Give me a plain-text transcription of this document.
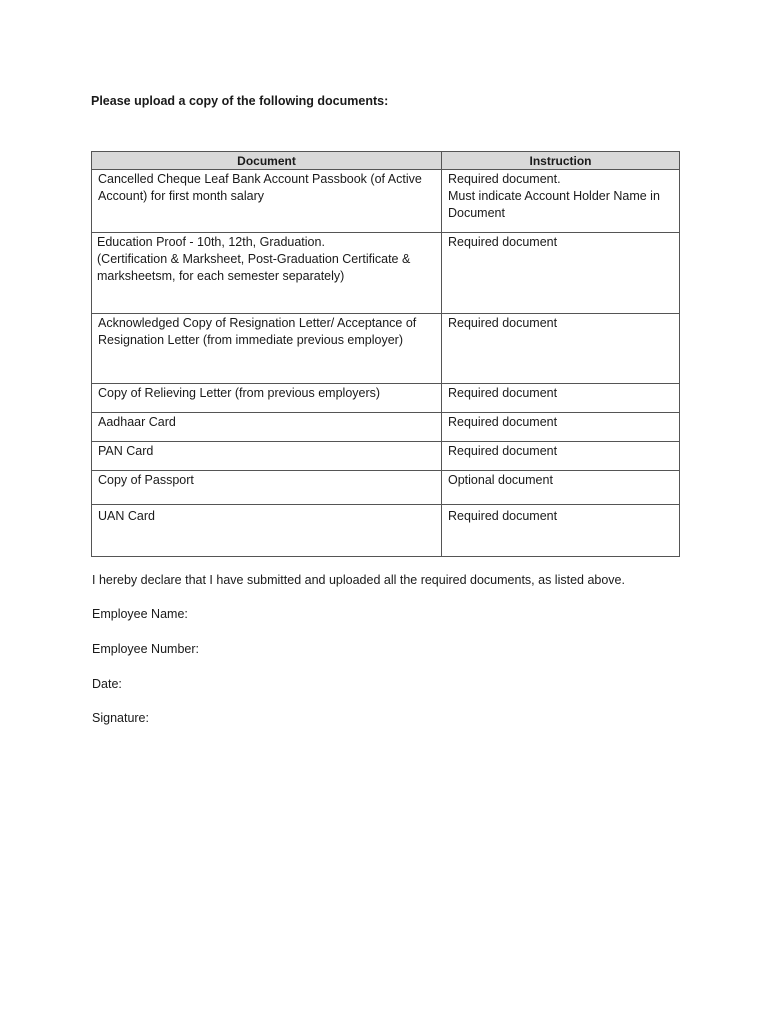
Please upload a copy of the following documents:
Document	Instruction

Cancelled Cheque Leaf Bank Account Passbook (of Active
Account) for first month salary	Required document.
Must indicate Account Holder Name in
Document

Education Proof - 10th, 12th, Graduation.
(Certification & Marksheet, Post-Graduation Certificate &
marksheetsm, for each semester separately)	Required document

Acknowledged Copy of Resignation Letter/ Acceptance of
Resignation Letter (from immediate previous employer)	Required document

Copy of Relieving Letter (from previous employers)	Required document

Aadhaar Card	Required document

PAN Card	Required document

Copy of Passport	Optional document

UAN Card	Required document
I hereby declare that I have submitted and uploaded all the required documents, as listed above.
Employee Name:
Employee Number:
Date:
Signature:
